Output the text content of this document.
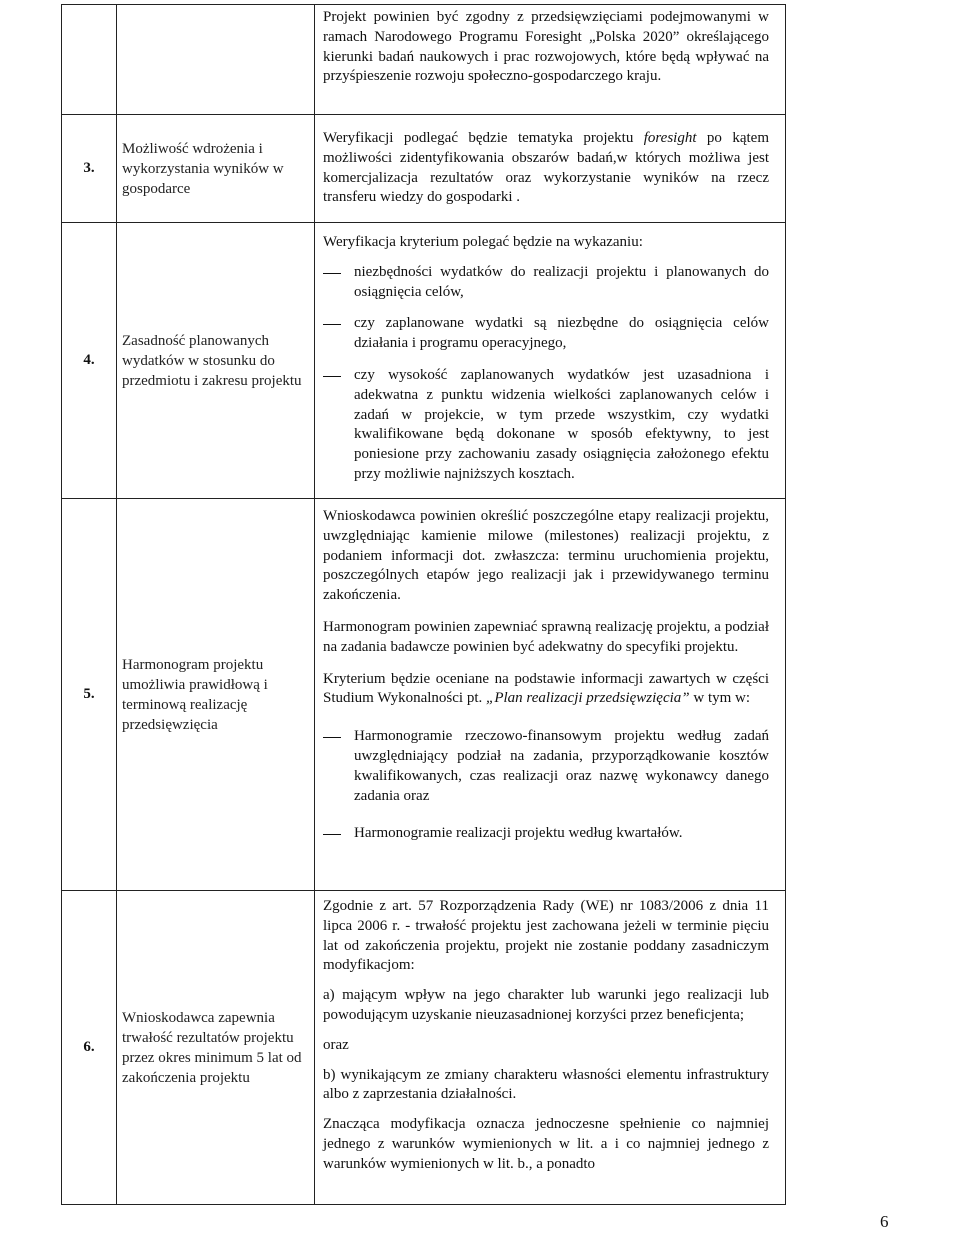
		Projekt powinien być zgodny z przedsięwzięciami podejmowanymi w ramach Narodowego Programu Foresight „Polska 2020” określającego kierunki badań naukowych i prac rozwojowych, które będą wpływać na przyśpieszenie rozwoju społeczno-gospodarczego kraju.

3.	Możliwość wdrożenia i wykorzystania wyników w gospodarce	Weryfikacji podlegać będzie tematyka projektu foresight po kątem możliwości zidentyfikowania obszarów badań,w których możliwa jest komercjalizacja rezultatów oraz wykorzystanie wyników na rzecz transferu wiedzy do gospodarki .

4.	Zasadność planowanych wydatków w stosunku do przedmiotu i zakresu projektu	Weryfikacja kryterium polegać będzie na wykazaniu:

niezbędności wydatków do realizacji projektu i planowanych do osiągnięcia celów,

czy zaplanowane wydatki są niezbędne do osiągnięcia celów działania i programu operacyjnego,

czy wysokość zaplanowanych wydatków jest uzasadniona i adekwatna z punktu widzenia wielkości zaplanowanych celów i zadań w projekcie, w tym przede wszystkim, czy wydatki kwalifikowane będą dokonane w sposób efektywny, to jest poniesione przy zachowaniu zasady osiągnięcia założonego efektu przy możliwie najniższych kosztach.

5.	Harmonogram projektu umożliwia prawidłową i terminową realizację przedsięwzięcia	Wnioskodawca powinien określić poszczególne etapy realizacji projektu, uwzględniając kamienie milowe (milestones) realizacji projektu, z podaniem informacji dot. zwłaszcza: terminu uruchomienia projektu, poszczególnych etapów jego realizacji jak i przewidywanego terminu zakończenia.

Harmonogram powinien zapewniać sprawną realizację projektu, a podział na zadania badawcze powinien być adekwatny do specyfiki projektu.

Kryterium będzie oceniane na podstawie informacji zawartych w części Studium Wykonalności pt. „Plan realizacji przedsięwzięcia” w tym w:

Harmonogramie rzeczowo-finansowym projektu według zadań uwzględniający podział na zadania, przyporządkowanie kosztów kwalifikowanych, czas realizacji oraz nazwę wykonawcy danego zadania oraz

Harmonogramie realizacji projektu według kwartałów.

6.	Wnioskodawca zapewnia trwałość rezultatów projektu przez okres minimum 5 lat od zakończenia projektu	Zgodnie z art. 57 Rozporządzenia Rady (WE) nr 1083/2006 z dnia 11 lipca 2006 r. - trwałość projektu jest zachowana jeżeli w terminie pięciu lat od zakończenia projektu, projekt nie zostanie poddany zasadniczym modyfikacjom:

a) mającym wpływ na jego charakter lub warunki jego realizacji lub powodującym uzyskanie nieuzasadnionej korzyści przez beneficjenta;

oraz

b) wynikającym ze zmiany charakteru własności elementu infrastruktury albo z zaprzestania działalności.

Znacząca modyfikacja oznacza jednoczesne spełnienie co najmniej jednego z warunków wymienionych w lit. a i co najmniej jednego z warunków wymienionych w lit. b., a ponadto

6
